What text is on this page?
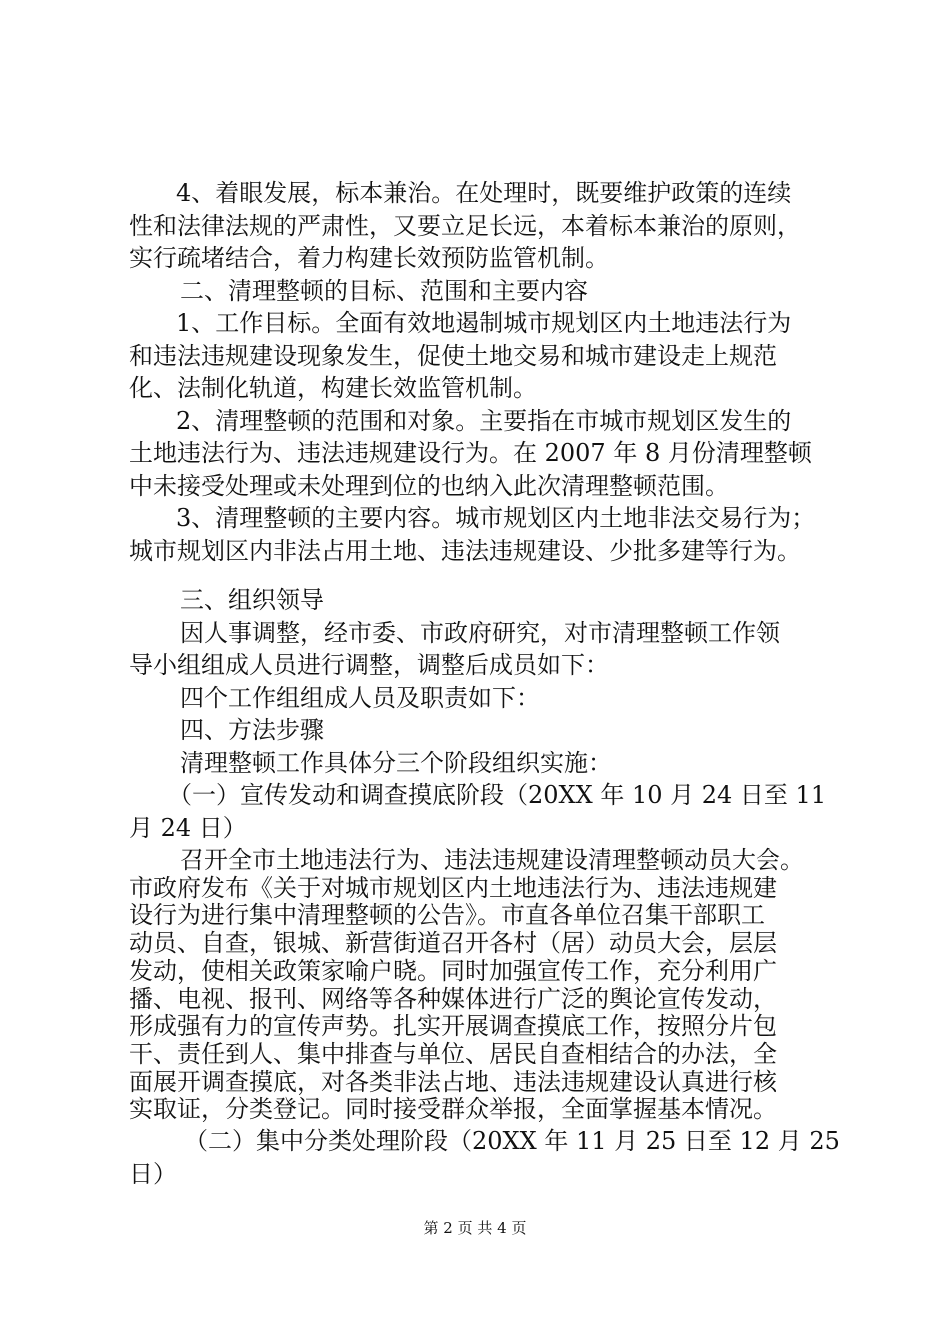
4、着眼发展，标本兼治。在处理时，既要维护政策的连续
性和法律法规的严肃性，又要立足长远，本着标本兼治的原则，
实行疏堵结合，着力构建长效预防监管机制。
二、清理整顿的目标、范围和主要内容
1、工作目标。全面有效地遏制城市规划区内土地违法行为
和违法违规建设现象发生，促使土地交易和城市建设走上规范
化、法制化轨道，构建长效监管机制。
2、清理整顿的范围和对象。主要指在市城市规划区发生的
土地违法行为、违法违规建设行为。在 2007 年 8 月份清理整顿
中未接受处理或未处理到位的也纳入此次清理整顿范围。
3、清理整顿的主要内容。城市规划区内土地非法交易行为；
城市规划区内非法占用土地、违法违规建设、少批多建等行为。
三、组织领导
因人事调整，经市委、市政府研究，对市清理整顿工作领
导小组组成人员进行调整，调整后成员如下：
四个工作组组成人员及职责如下：
四、方法步骤
清理整顿工作具体分三个阶段组织实施：
（一）宣传发动和调查摸底阶段（20XX 年 10 月 24 日至 11
月 24 日）
召开全市土地违法行为、违法违规建设清理整顿动员大会。
市政府发布《关于对城市规划区内土地违法行为、违法违规建
设行为进行集中清理整顿的公告》。市直各单位召集干部职工
动员、自查，银城、新营街道召开各村（居）动员大会，层层
发动，使相关政策家喻户晓。同时加强宣传工作，充分利用广
播、电视、报刊、网络等各种媒体进行广泛的舆论宣传发动，
形成强有力的宣传声势。扎实开展调查摸底工作，按照分片包
干、责任到人、集中排查与单位、居民自查相结合的办法，全
面展开调查摸底，对各类非法占地、违法违规建设认真进行核
实取证，分类登记。同时接受群众举报，全面掌握基本情况。
（二）集中分类处理阶段（20XX 年 11 月 25 日至 12 月 25
日）
第 2 页 共 4 页
